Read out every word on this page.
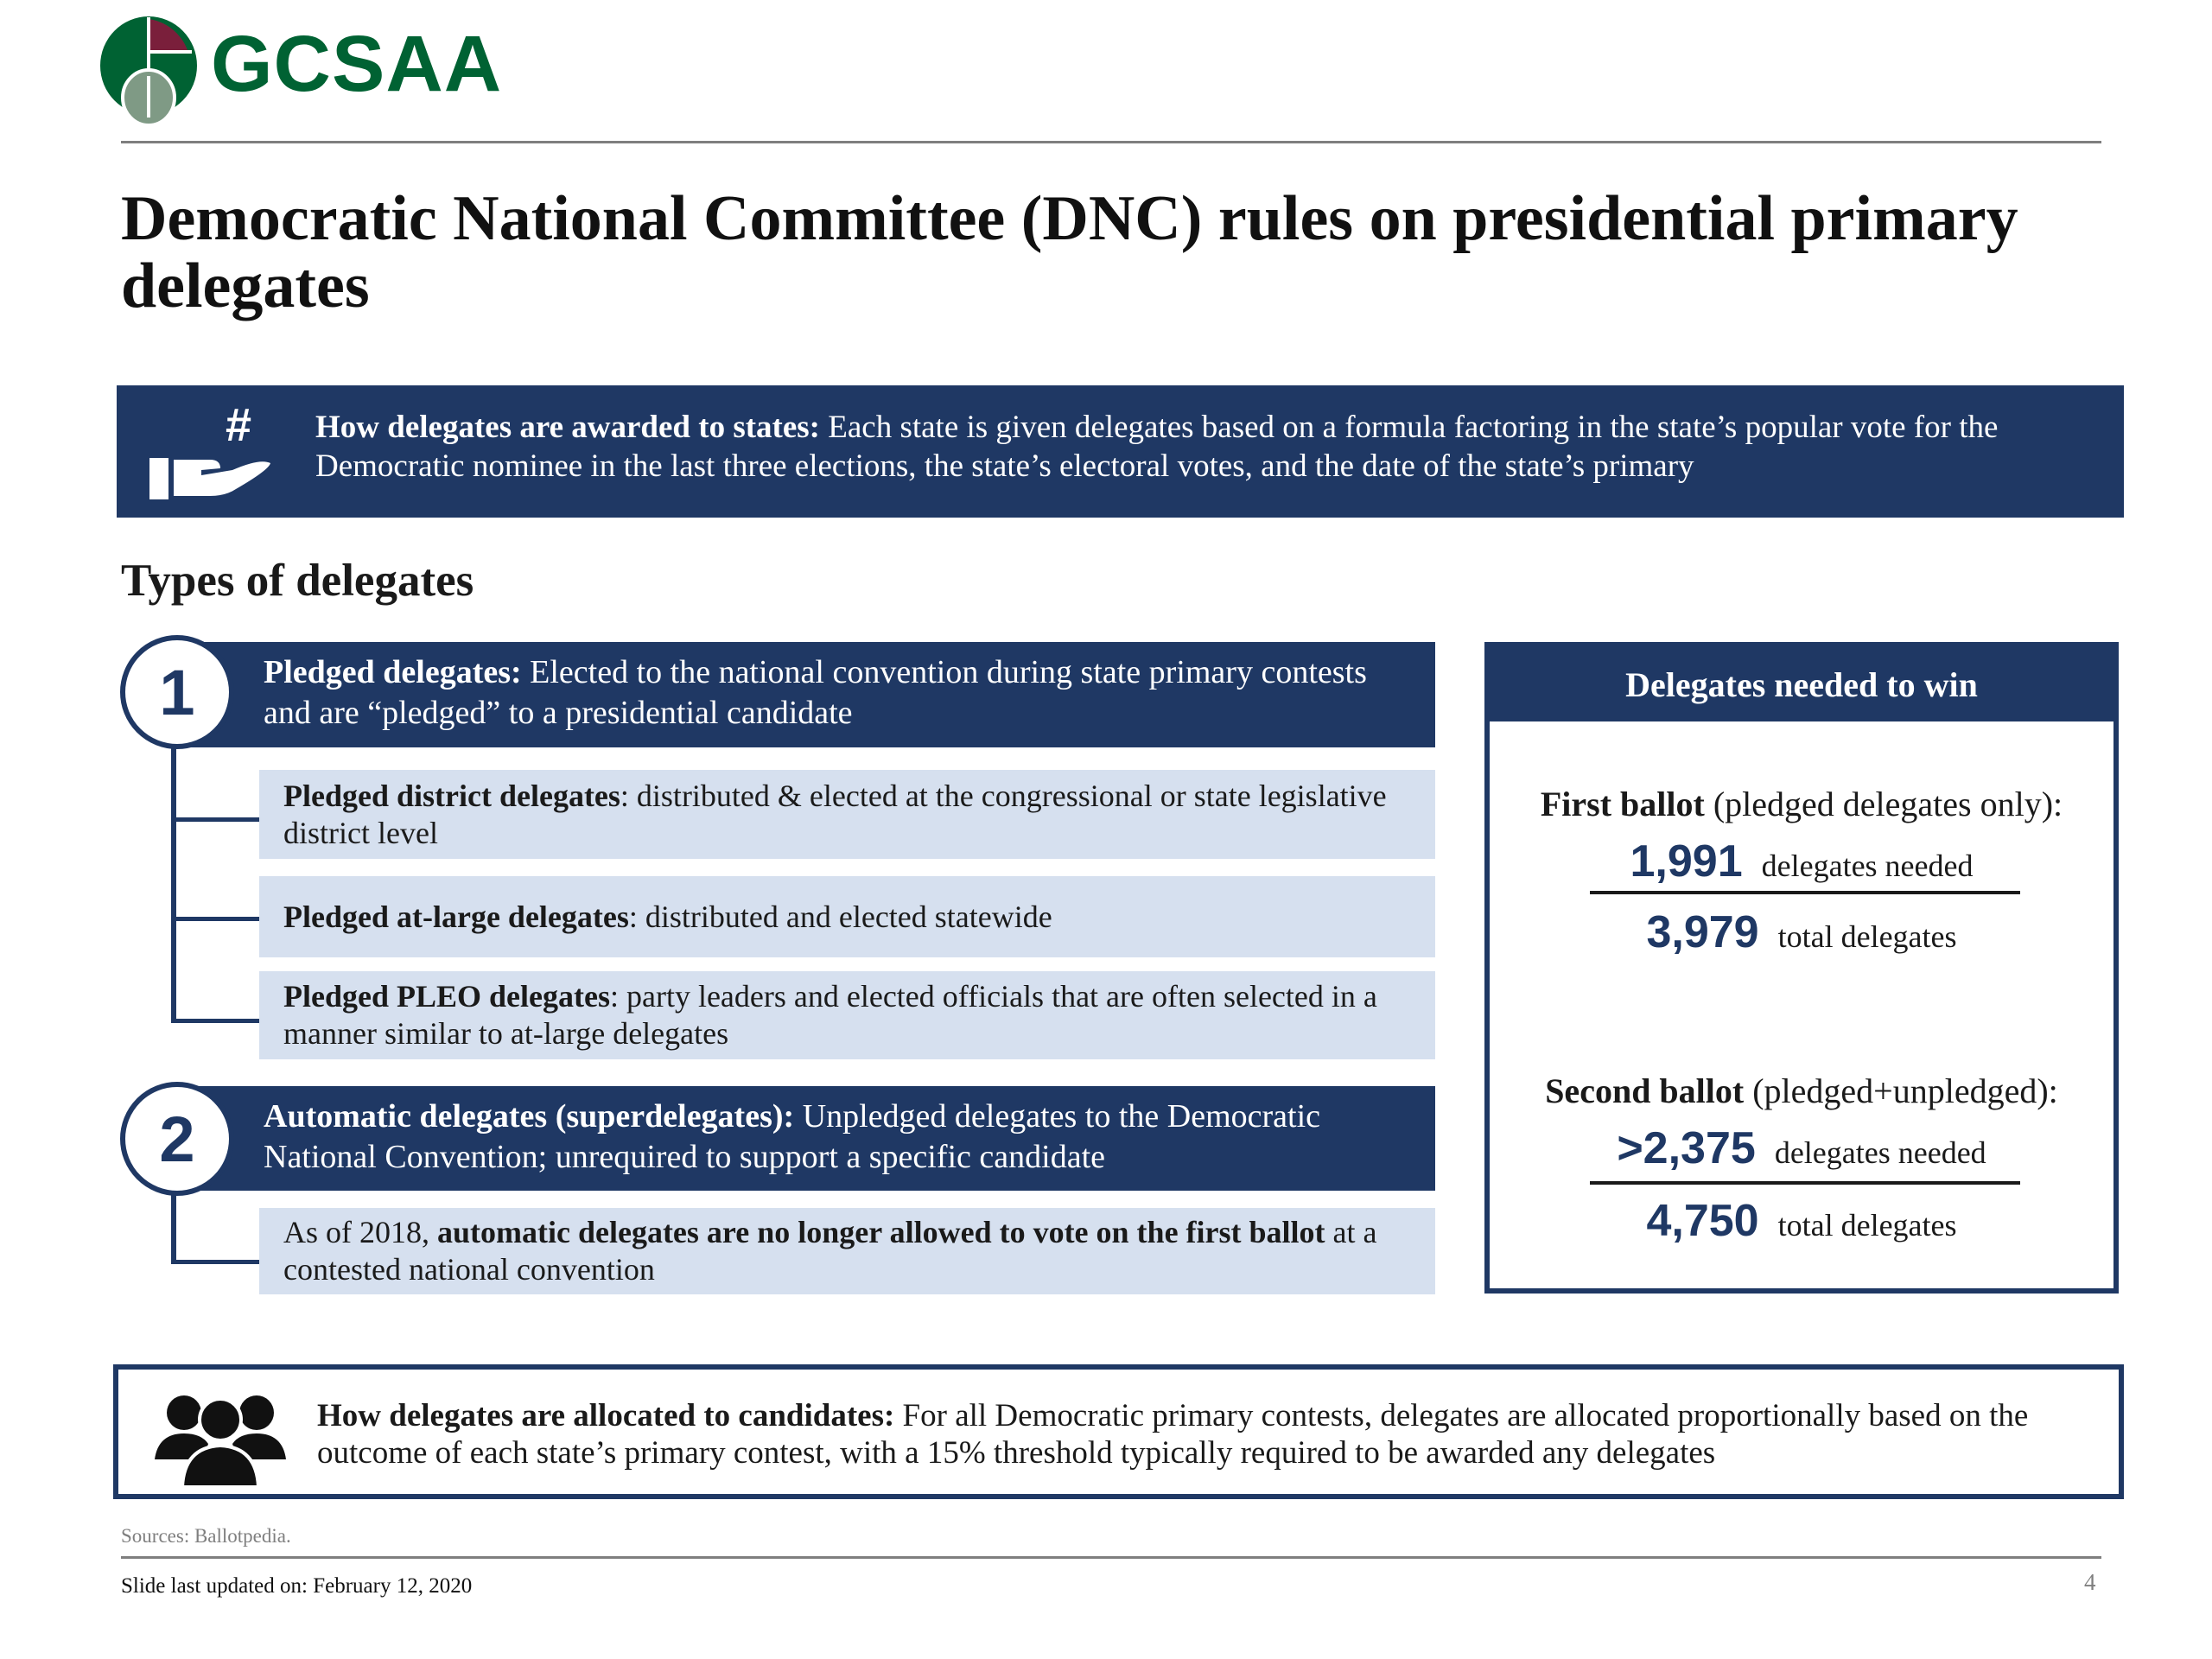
GCSAA
Democratic National Committee (DNC) rules on presidential primary delegates
# How delegates are awarded to states: Each state is given delegates based on a formula factoring in the state’s popular vote for the Democratic nominee in the last three elections, the state’s electoral votes, and the date of the state’s primary
Types of delegates
Pledged delegates: Elected to the national convention during state primary contests and are “pledged” to a presidential candidate
1
Pledged district delegates: distributed & elected at the congressional or state legislative district level
Pledged at-large delegates: distributed and elected statewide
Pledged PLEO delegates: party leaders and elected officials that are often selected in a manner similar to at-large delegates
Automatic delegates (superdelegates): Unpledged delegates to the Democratic National Convention; unrequired to support a specific candidate
2
As of 2018, automatic delegates are no longer allowed to vote on the first ballot at a contested national convention
Delegates needed to win
First ballot (pledged delegates only):
1,991 delegates needed
3,979 total delegates
Second ballot (pledged+unpledged):
>2,375 delegates needed
4,750 total delegates
How delegates are allocated to candidates: For all Democratic primary contests, delegates are allocated proportionally based on the outcome of each state’s primary contest, with a 15% threshold typically required to be awarded any delegates
Sources: Ballotpedia.
Slide last updated on: February 12, 2020	4
